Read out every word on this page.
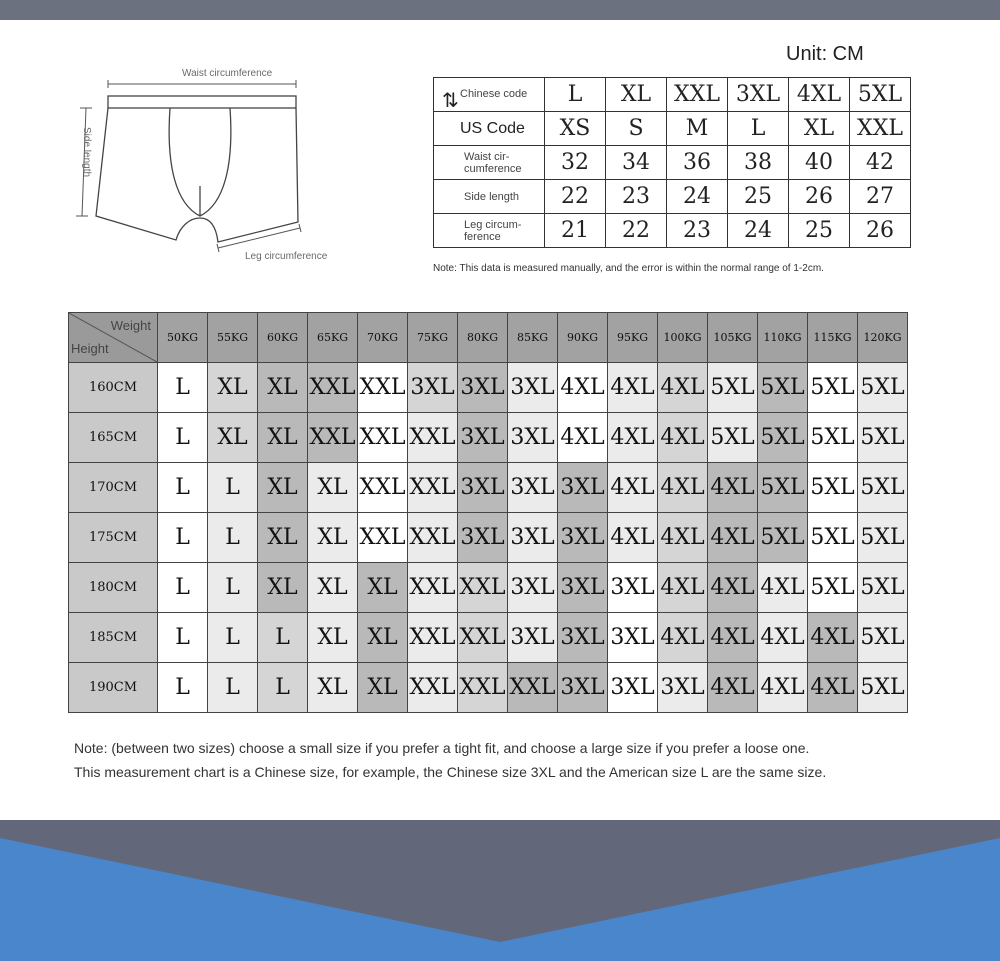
Unit: CM
Waist circumference
Leg circumference
Side length
⇅ Chinese code	L	XL	XXL	3XL	4XL	5XL
US Code	XS	S	M	L	XL	XXL
Waist cir- cumference	32	34	36	38	40	42
Side length	22	23	24	25	26	27
Leg circum- ference	21	22	23	24	25	26
Note: This data is measured manually, and the error is within the normal range of 1-2cm.
Weight
Height	50KG	55KG	60KG	65KG	70KG	75KG	80KG	85KG	90KG	95KG	100KG	105KG	110KG	115KG	120KG
160CM	L	XL	XL	XXL	XXL	3XL	3XL	3XL	4XL	4XL	4XL	5XL	5XL	5XL	5XL
165CM	L	XL	XL	XXL	XXL	XXL	3XL	3XL	4XL	4XL	4XL	5XL	5XL	5XL	5XL
170CM	L	L	XL	XL	XXL	XXL	3XL	3XL	3XL	4XL	4XL	4XL	5XL	5XL	5XL
175CM	L	L	XL	XL	XXL	XXL	3XL	3XL	3XL	4XL	4XL	4XL	5XL	5XL	5XL
180CM	L	L	XL	XL	XL	XXL	XXL	3XL	3XL	3XL	4XL	4XL	4XL	5XL	5XL
185CM	L	L	L	XL	XL	XXL	XXL	3XL	3XL	3XL	4XL	4XL	4XL	4XL	5XL
190CM	L	L	L	XL	XL	XXL	XXL	XXL	3XL	3XL	3XL	4XL	4XL	4XL	5XL
Note: (between two sizes) choose a small size if you prefer a tight fit, and choose a large size if you prefer a loose one.
This measurement chart is a Chinese size, for example, the Chinese size 3XL and the American size L are the same size.
